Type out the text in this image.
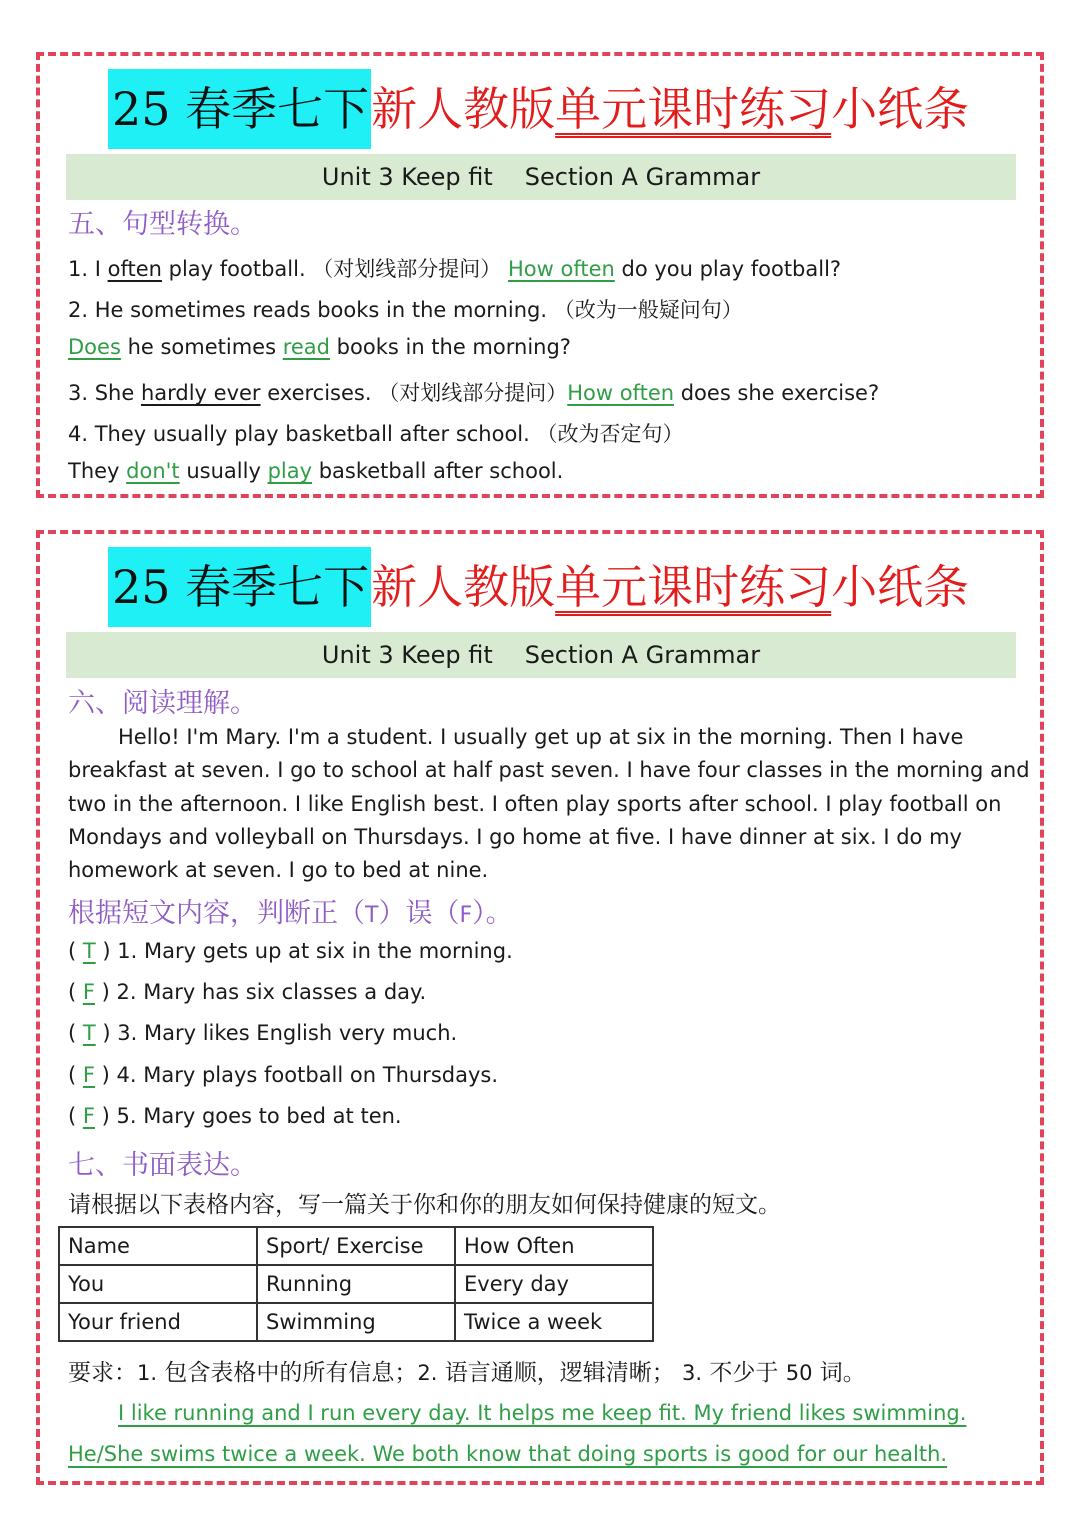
25 春季七下 新人教版单元课时练习小纸条
Unit 3 Keep fit Section A Grammar
五、句型转换。
1. I often play football. （对划线部分提问） How often do you play football?
2. He sometimes reads books in the morning. （改为一般疑问句）
Does he sometimes read books in the morning?
3. She hardly ever exercises. （对划线部分提问）How often does she exercise?
4. They usually play basketball after school. （改为否定句）
They don't usually play basketball after school.
25 春季七下 新人教版单元课时练习小纸条
Unit 3 Keep fit Section A Grammar
六、阅读理解。

Hello! I'm Mary. I'm a student. I usually get up at six in the morning. Then I have breakfast at seven. I go to school at half past seven. I have four classes in the morning and two in the afternoon. I like English best. I often play sports after school. I play football on Mondays and volleyball on Thursdays. I go home at five. I have dinner at six. I do my homework at seven. I go to bed at nine.

根据短文内容，判断正（T）误（F）。
( T ) 1. Mary gets up at six in the morning.
( F ) 2. Mary has six classes a day.
( T ) 3. Mary likes English very much.
( F ) 4. Mary plays football on Thursdays.
( F ) 5. Mary goes to bed at ten.
七、书面表达。
请根据以下表格内容，写一篇关于你和你的朋友如何保持健康的短文。
Name	Sport/ Exercise	How Often
You	Running	Every day
Your friend	Swimming	Twice a week
要求：1. 包含表格中的所有信息；2. 语言通顺，逻辑清晰； 3. 不少于 50 词。
I like running and I run every day. It helps me keep fit. My friend likes swimming.
He/She swims twice a week. We both know that doing sports is good for our health.
